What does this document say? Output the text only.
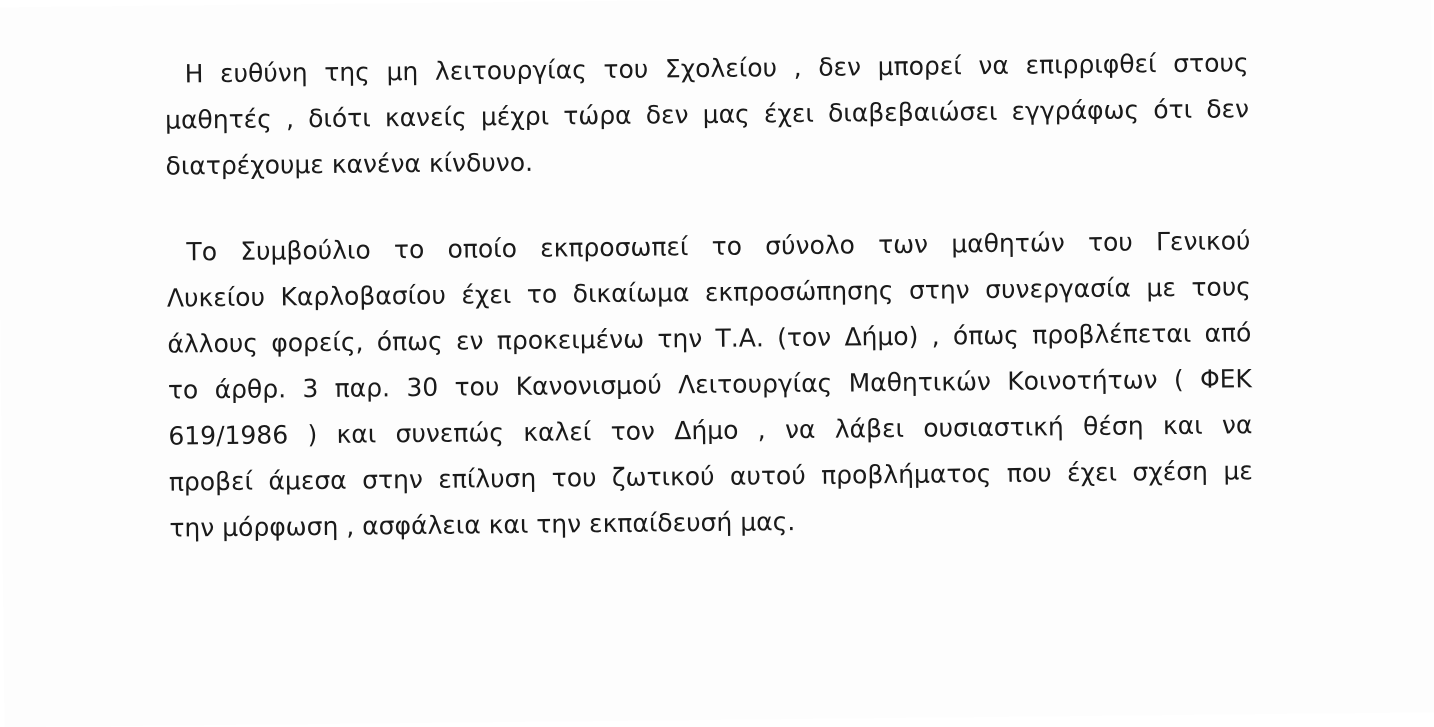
Η ευθύνη της μη λειτουργίας του Σχολείου , δεν μπορεί να επιρριφθεί στους
μαθητές , διότι κανείς μέχρι τώρα δεν μας έχει διαβεβαιώσει εγγράφως ότι δεν
διατρέχουμε κανένα κίνδυνο.
Το Συμβούλιο το οποίο εκπροσωπεί το σύνολο των μαθητών του Γενικού
Λυκείου Καρλοβασίου έχει το δικαίωμα εκπροσώπησης στην συνεργασία με τους
άλλους φορείς, όπως εν προκειμένω την Τ.Α. (τον Δήμο) , όπως προβλέπεται από
το άρθρ. 3 παρ. 30 του Κανονισμού Λειτουργίας Μαθητικών Κοινοτήτων ( ΦΕΚ
619/1986 ) και συνεπώς καλεί τον Δήμο , να λάβει ουσιαστική θέση και να
προβεί άμεσα στην επίλυση του ζωτικού αυτού προβλήματος που έχει σχέση με
την μόρφωση , ασφάλεια και την εκπαίδευσή μας.
